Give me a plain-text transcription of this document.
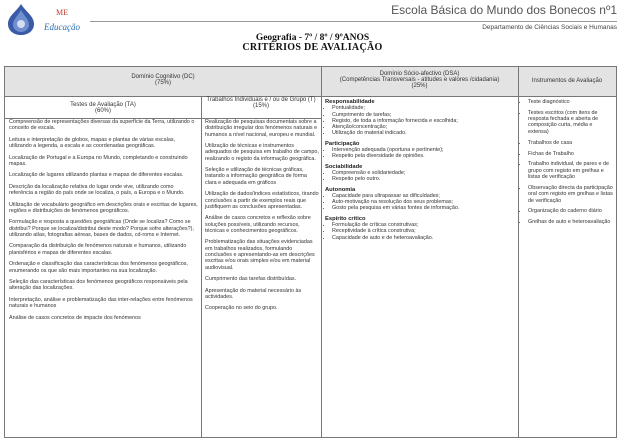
ME
Educação
Escola Básica do Mundo dos Bonecos nº1
Departamento de Ciências Sociais e Humanas
Geografia - 7º / 8º / 9ºANOS
CRITÉRIOS DE AVALIAÇÃO
Domínio Cognitivo (DC)
(75%)
Domínio Sócio-afectivo (DSA)
(Competências Transversais - atitudes e valores /cidadania)
(25%)
Instrumentos de Avaliação
Testes de Avaliação (TA)
(60%)
Trabalhos Individuais e / ou de Grupo (T)
(15%)

Compreensão de representações diversas da superfície da Terra, utilizando o conceito de escala.

Leitura e interpretação de globos, mapas e plantas de várias escalas, utilizando a legenda, a escala e as coordenadas geográficas.

Localização de Portugal e a Europa no Mundo, completando e construindo mapas.

Localização de lugares utilizando plantas e mapas de diferentes escalas.

Descrição da localização relativa do lugar onde vive, utilizando como referência a região do país onde se localiza, o país, a Europa e o Mundo.

Utilização de vocabulário geográfico em descrições orais e escritas de lugares, regiões e distribuições de fenómenos geográficos.

Formulação e resposta a questões geográficas (Onde se localiza? Como se distribui? Porque se localiza/distribui deste modo? Porque sofre alterações?), utilizando atlas, fotografias aéreas, bases de dados, cd-roms e Internet.

Comparação da distribuição de fenómenos naturais e humanos, utilizando planisférios e mapas de diferentes escalas.

Ordenação e classificação das características dos fenómenos geográficos, enumerando os que são mais importantes na sua localização.

Seleção das características dos fenómenos geográficos responsáveis pela alteração das localizações.

Interpretação, análise e problematização das inter-relações entre fenómenos naturais e humanos

Análise de casos concretos de impacte dos fenómenos

Realização de pesquisas documentais sobre a distribuição irregular dos fenómenos naturais e humanos a nível nacional, europeu e mundial.

Utilização de técnicas e instrumentos adequados de pesquisa em trabalho de campo, realizando o registo da informação geográfica.

Seleção e utilização de técnicas gráficas, tratando a informação geográfica de forma clara e adequada em gráficos

Utilização de dados/índices estatísticos, tirando conclusões a partir de exemplos reais que justifiquem as conclusões apresentadas.

Análise de casos concretos e reflexão sobre soluções possíveis, utilizando recursos, técnicas e conhecimentos geográficos.

Problematização das situações evidenciadas em trabalhos realizados, formulando conclusões e apresentando-as em descrições escritas e/ou orais simples e/ou em material audiovisual.

Cumprimento das tarefas distribuídas.

Apresentação do material necessário às actividades.

Cooperação no seio do grupo.

Responsabilidade
• Pontualidade;
• Cumprimento de tarefas;
• Registo, de toda a informação fornecida e escolhida;
• Atenção/concentração;
• Utilização do material indicado.
Participação
• Intervenção adequada (oportuna e pertinente);
• Respeito pela diversidade de opiniões.
Sociabilidade
• Compreensão e solidariedade;
• Respeito pelo outro.
Autonomia
• Capacidade para ultrapassar as dificuldades;
• Auto-motivação na resolução dos seus problemas;
• Gosto pela pesquisa em várias fontes de informação.
Espírito crítico
• Formulação de críticas construtivas;
• Receptividade à crítica construtiva;
• Capacidade de auto e de heteroavaliação.
• Teste diagnóstico
• Testes escritos (com itens de resposta fechada e aberta de composição curta, média e extensa)
• Trabalhos de casa
• Fichas de Trabalho
• Trabalho individual, de pares e de grupo com registo em grelhas e listas de verificação
• Observação directa da participação oral com registo em grelhas e listas de verificação
• Organização do caderno diário
• Grelhas de auto e heteroavaliação
